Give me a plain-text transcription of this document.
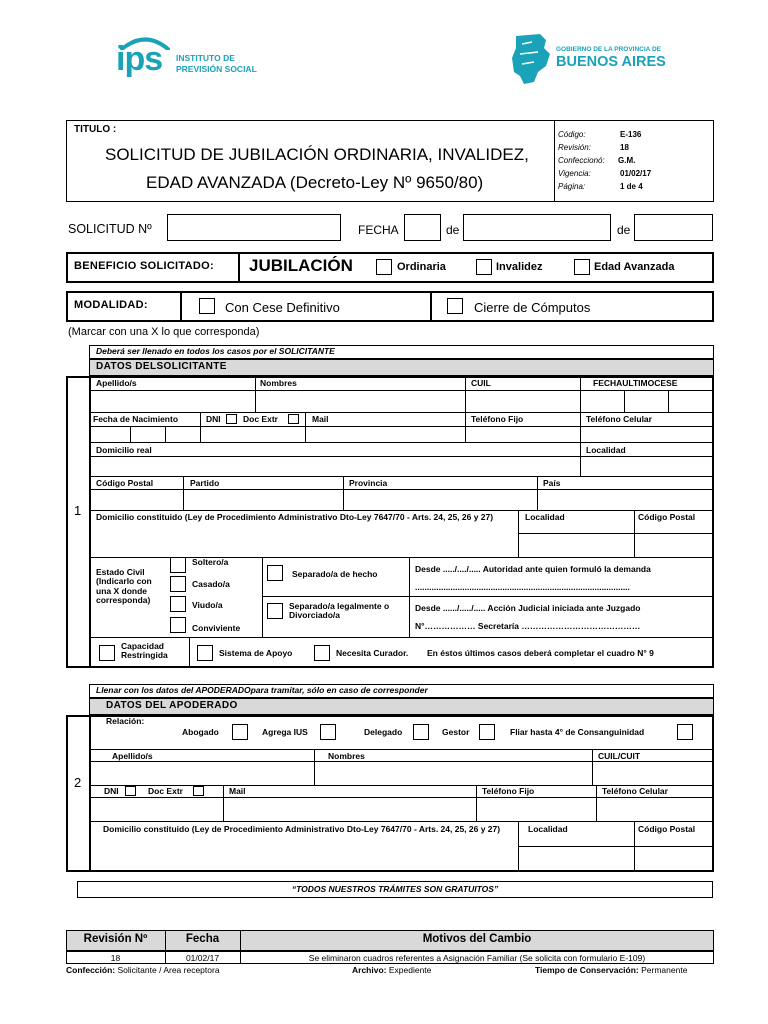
ips INSTITUTO DE
PREVISIÓN SOCIAL
GOBIERNO DE LA PROVINCIA DE
BUENOS AIRES
TITULO :
SOLICITUD DE JUBILACIÓN ORDINARIA, INVALIDEZ,
EDAD AVANZADA (Decreto-Ley Nº 9650/80)
Código:	E-136
Revisión:	18
Confeccionó: G.M.
Vigencia:	01/02/17
Página:	1 de 4
SOLICITUD Nº	FECHA	de	de
BENEFICIO SOLICITADO: JUBILACIÓN	Ordinaria	Invalidez	Edad Avanzada
MODALIDAD:	Con Cese Definitivo	Cierre de Cómputos
(Marcar con una X lo que corresponda)
Deberá ser llenado en todos los casos por el SOLICITANTE
DATOS DELSOLICITANTE
1
Apellido/s	Nombres	CUIL	FECHAULTIMOCESE
Fecha de Nacimiento	DNI	Doc Extr	Mail	Teléfono Fijo	Teléfono Celular
Domicilio real	Localidad
Código Postal	Partido	Provincia	País
Domicilio constituido (Ley de Procedimiento Administrativo Dto-Ley 7647/70 - Arts. 24, 25, 26 y 27)	Localidad	Código Postal
Estado Civil (Indicarlo con una X donde corresponda)
Soltero/a
Casado/a
Viudo/a
Conviviente
Separado/a de hecho
Separado/a legalmente o Divorciado/a
Desde ...../..../..... Autoridad ante quien formuló la demanda
...........................................................................................
Desde ....../...../..... Acción Judicial iniciada ante Juzgado
N°……………… Secretaría ……………………………………
Capacidad Restringida	Sistema de Apoyo	Necesita Curador. En éstos últimos casos deberá completar el cuadro N° 9
Llenar con los datos del APODERADOpara tramitar, sólo en caso de corresponder
DATOS DEL APODERADO
2
Relación:
Abogado	Agrega IUS	Delegado	Gestor	Fliar hasta 4° de Consanguinidad
Apellido/s	Nombres	CUIL/CUIT
DNI	Doc Extr	Mail	Teléfono Fijo	Teléfono Celular
Domicilio constituido (Ley de Procedimiento Administrativo Dto-Ley 7647/70 - Arts. 24, 25, 26 y 27)	Localidad	Código Postal
“TODOS NUESTROS TRÁMITES SON GRATUITOS”
Revisión Nº	Fecha	Motivos del Cambio
18	01/02/17	Se eliminaron cuadros referentes a Asignación Familiar (Se solicita con formulario E-109)
Confección: Solicitante / Area receptora	Archivo: Expediente	Tiempo de Conservación: Permanente
